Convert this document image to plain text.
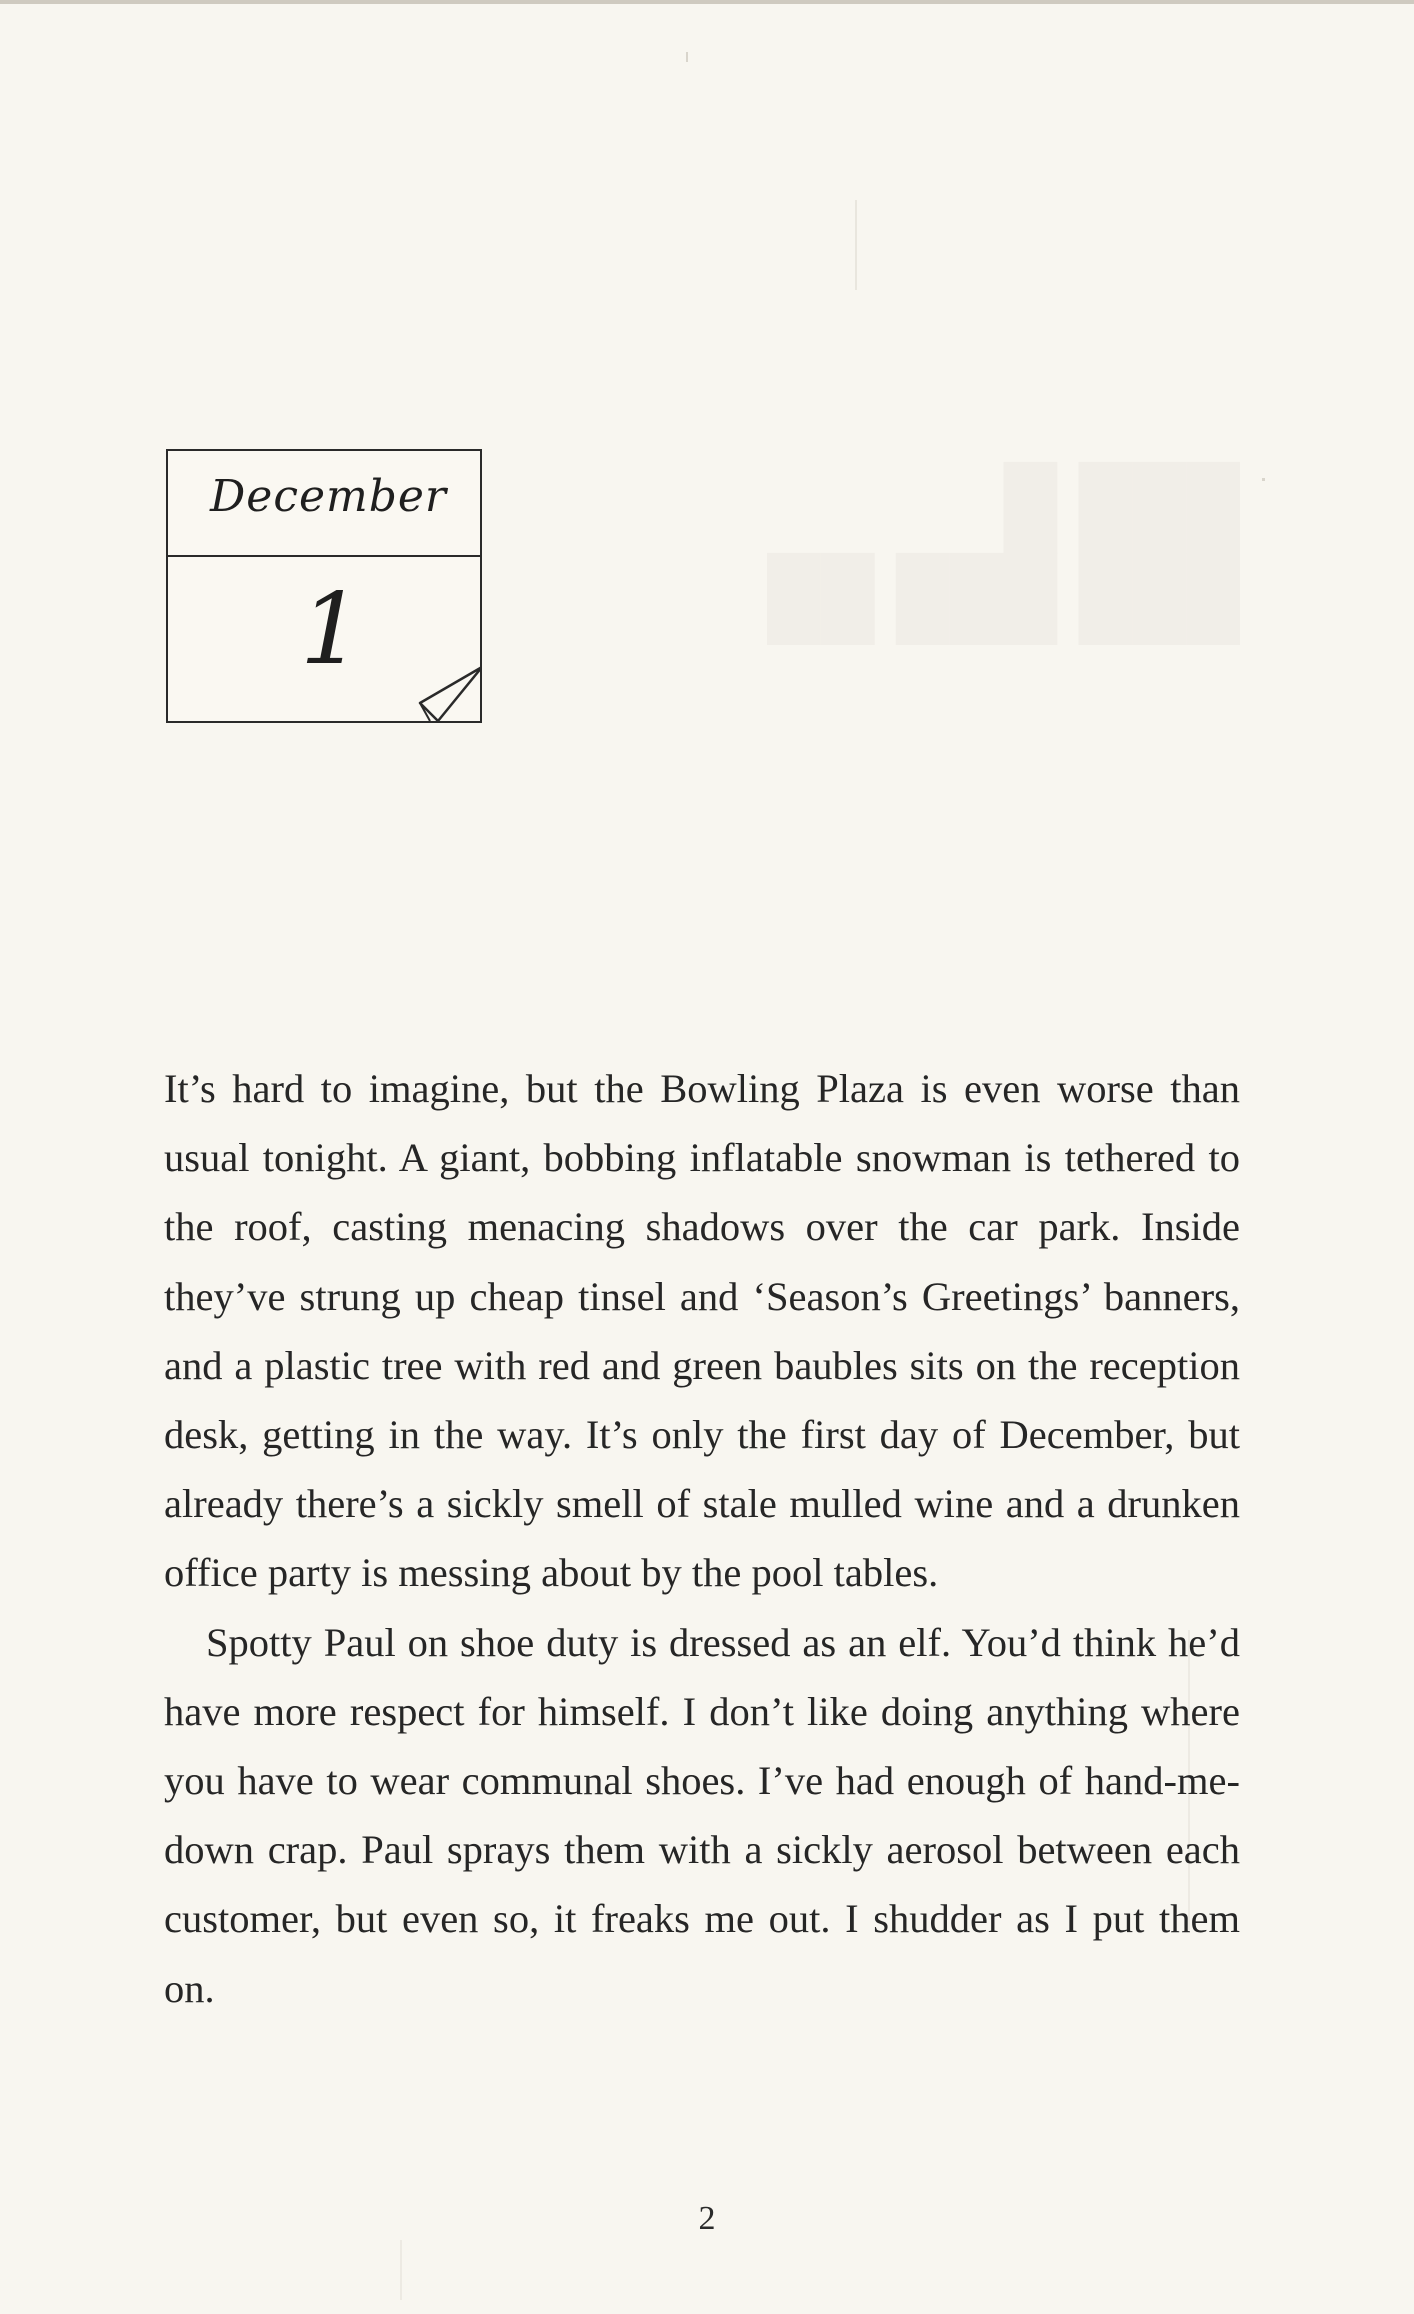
█ ███
██ ███ ███
December
1

It’s hard to imagine, but the Bowling Plaza is even worse than usual tonight. A giant, bobbing inflatable snowman is tethered to the roof, casting menacing shadows over the car park. Inside they’ve strung up cheap tinsel and ‘Season’s Greetings’ banners, and a plastic tree with red and green baubles sits on the reception desk, getting in the way. It’s only the first day of December, but already there’s a sickly smell of stale mulled wine and a drunken office party is messing about by the pool tables.

Spotty Paul on shoe duty is dressed as an elf. You’d think he’d have more respect for himself. I don’t like doing anything where you have to wear communal shoes. I’ve had enough of hand-me-down crap. Paul sprays them with a sickly aerosol between each customer, but even so, it freaks me out. I shudder as I put them on.

2
